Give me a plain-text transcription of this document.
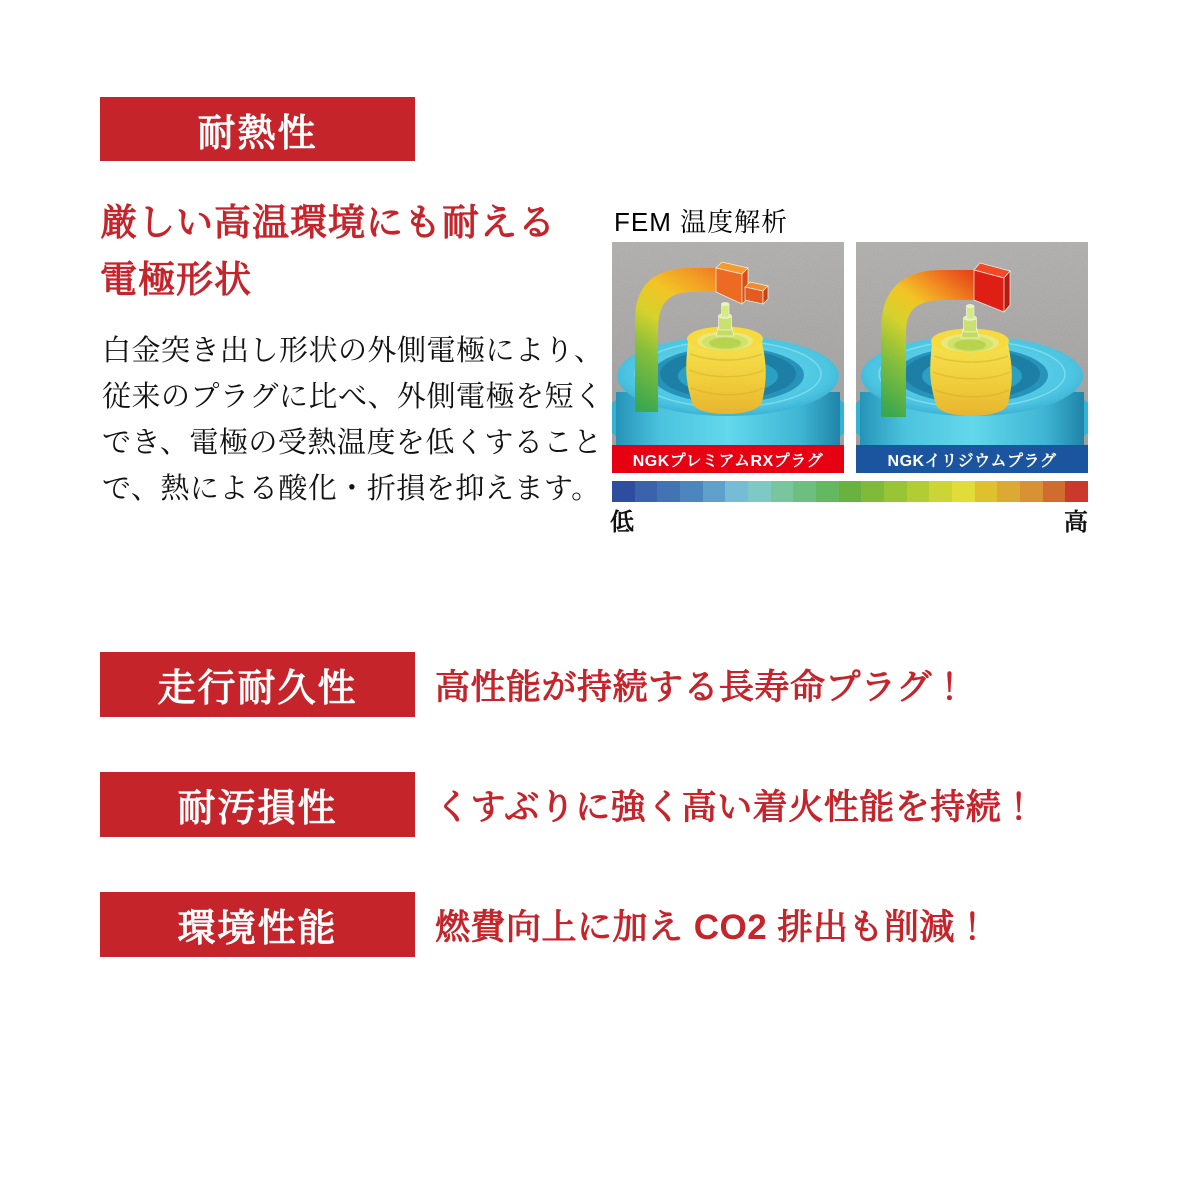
耐熱性
厳しい高温環境にも耐える
電極形状
白金突き出し形状の外側電極により、
従来のプラグに比べ、外側電極を短く
でき、電極の受熱温度を低くすること
で、熱による酸化・折損を抑えます。
FEM 温度解析
NGKプレミアムRXプラグ	NGKイリジウムプラグ
低	高
走行耐久性 高性能が持続する長寿命プラグ！
耐汚損性	くすぶりに強く高い着火性能を持続！
環境性能	燃費向上に加え CO2 排出も削減！
